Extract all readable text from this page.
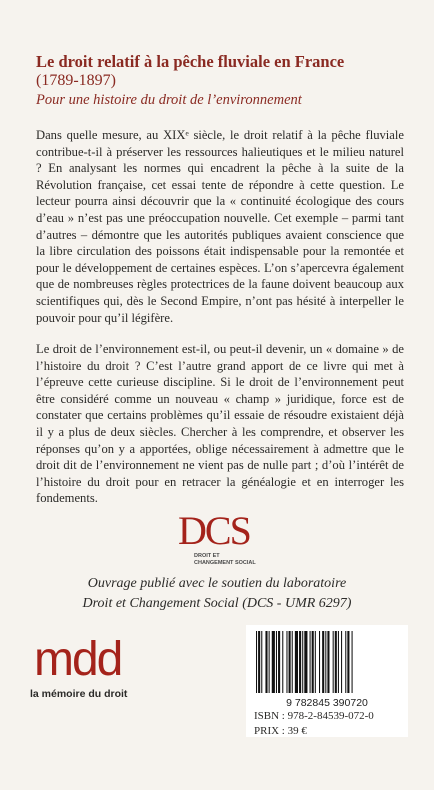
Le droit relatif à la pêche fluviale en France

(1789-1897)

Pour une histoire du droit de l’environnement

Dans quelle mesure, au XIXᵉ siècle, le droit relatif à la pêche fluviale contribue-t-il à préserver les ressources halieutiques et le milieu naturel ? En analysant les normes qui encadrent la pêche à la suite de la Révolution française, cet essai tente de répondre à cette question. Le lecteur pourra ainsi découvrir que la « continuité écologique des cours d’eau » n’est pas une préoccupation nouvelle. Cet exemple – parmi tant d’autres – démontre que les autorités publiques avaient conscience que la libre circulation des poissons était indispensable pour la remontée et pour le développement de certaines espèces. L’on s’apercevra également que de nombreuses règles protectrices de la faune doivent beaucoup aux scientifiques qui, dès le Second Empire, n’ont pas hésité à interpeller le pouvoir pour qu’il légifère.

Le droit de l’environnement est-il, ou peut-il devenir, un « domaine » de l’histoire du droit ? C’est l’autre grand apport de ce livre qui met à l’épreuve cette curieuse discipline. Si le droit de l’environnement peut être considéré comme un nouveau « champ » juridique, force est de constater que certains problèmes qu’il essaie de résoudre existaient déjà il y a plus de deux siècles. Chercher à les comprendre, et observer les réponses qu’on y a apportées, oblige nécessairement à admettre que le droit dit de l’environnement ne vient pas de nulle part ; d’où l’intérêt de l’histoire du droit pour en retracer la généalogie et en interroger les fondements.

DCS
DROIT ET
CHANGEMENT SOCIAL
Ouvrage publié avec le soutien du laboratoire
Droit et Changement Social (DCS - UMR 6297)
mdd
la mémoire du droit
9 782845 390720

ISBN : 978-2-84539-072-0

PRIX : 39 €
